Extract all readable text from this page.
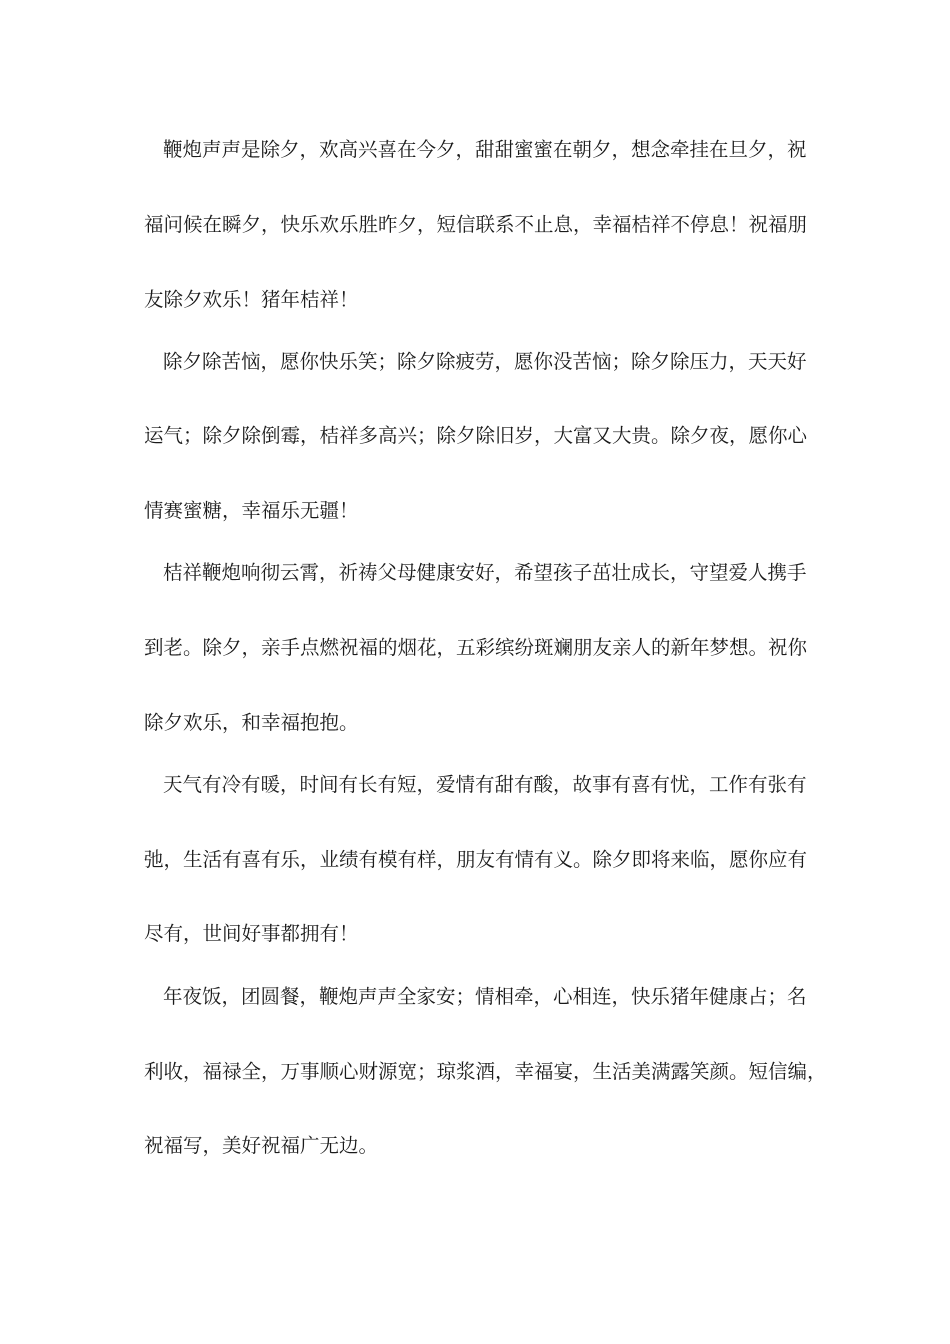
鞭炮声声是除夕，欢高兴喜在今夕，甜甜蜜蜜在朝夕，想念牵挂在旦夕，祝
福问候在瞬夕，快乐欢乐胜昨夕，短信联系不止息，幸福桔祥不停息！祝福朋
友除夕欢乐！猪年桔祥！
除夕除苦恼，愿你快乐笑；除夕除疲劳，愿你没苦恼；除夕除压力，天天好
运气；除夕除倒霉，桔祥多高兴；除夕除旧岁，大富又大贵。除夕夜，愿你心
情赛蜜糖，幸福乐无疆！
桔祥鞭炮响彻云霄，祈祷父母健康安好，希望孩子茁壮成长，守望爱人携手
到老。除夕，亲手点燃祝福的烟花，五彩缤纷斑斓朋友亲人的新年梦想。祝你
除夕欢乐，和幸福抱抱。
天气有冷有暖，时间有长有短，爱情有甜有酸，故事有喜有忧，工作有张有
弛，生活有喜有乐，业绩有模有样，朋友有情有义。除夕即将来临，愿你应有
尽有，世间好事都拥有！
年夜饭，团圆餐，鞭炮声声全家安；情相牵，心相连，快乐猪年健康占；名
利收，福禄全，万事顺心财源宽；琼浆酒，幸福宴，生活美满露笑颜。短信编，
祝福写，美好祝福广无边。
